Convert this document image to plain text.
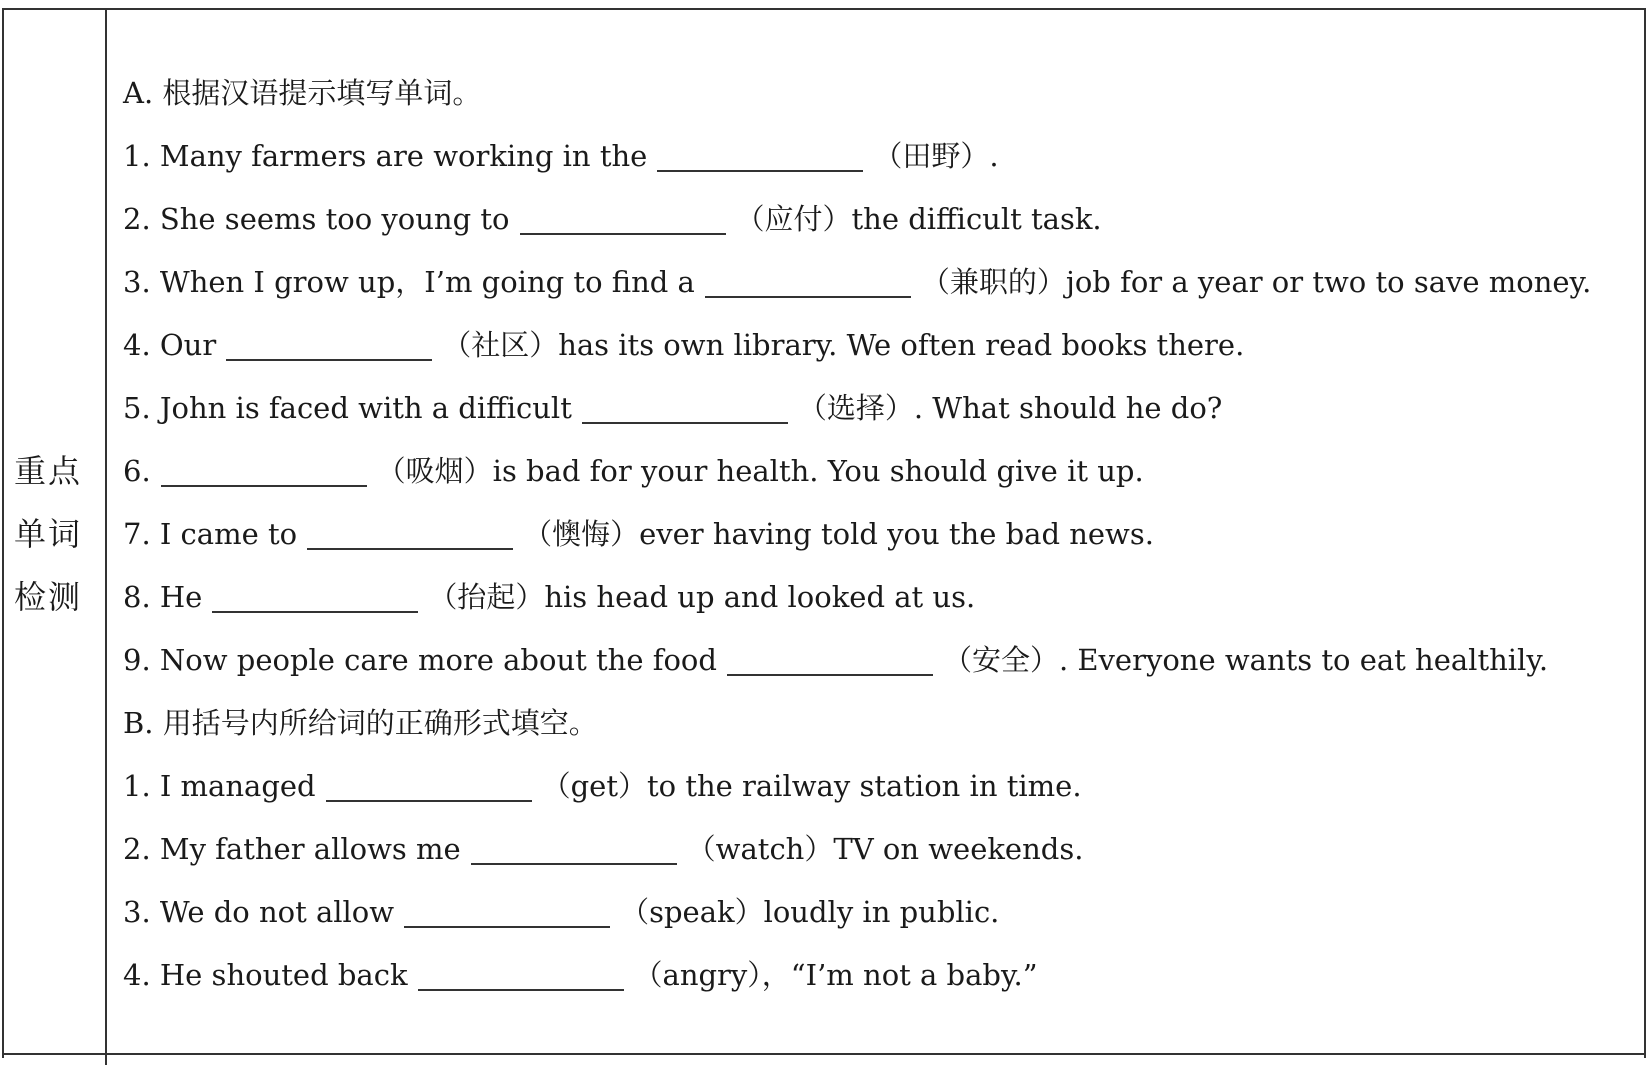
重点
单词
检测
A. 根据汉语提示填写单词。
1. Many farmers are working in the	（田野）.
2. She seems too young to	（应付）the difficult task.
3. When I grow up，I’m going to find a	（兼职的）job for a year or two to save money.
4. Our	（社区）has its own library. We often read books there.
5. John is faced with a difficult	（选择）. What should he do?
6.	（吸烟）is bad for your health. You should give it up.
7. I came to	（懊悔）ever having told you the bad news.
8. He	（抬起）his head up and looked at us.
9. Now people care more about the food	（安全）. Everyone wants to eat healthily.
B. 用括号内所给词的正确形式填空。
1. I managed	（get）to the railway station in time.
2. My father allows me	（watch）TV on weekends.
3. We do not allow	（speak）loudly in public.
4. He shouted back	（angry），“I’m not a baby.”
